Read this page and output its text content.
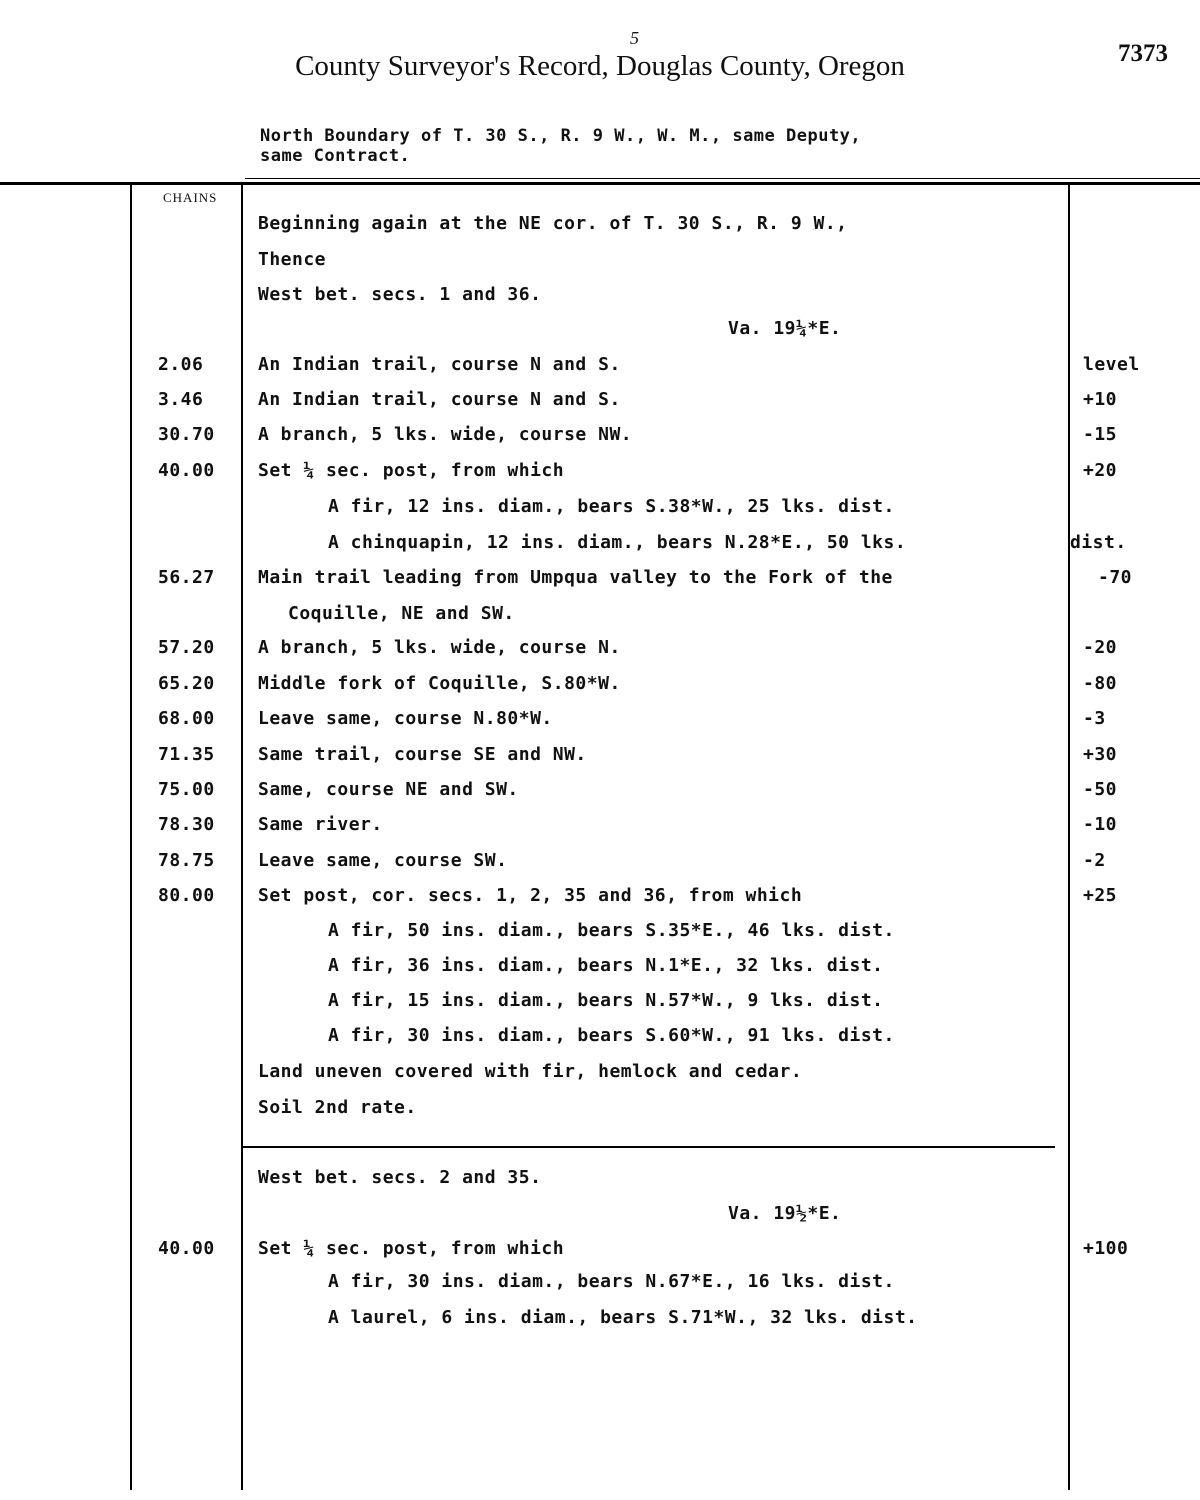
5
County Surveyor's Record, Douglas County, Oregon	7373
North Boundary of T. 30 S., R. 9 W., W. M., same Deputy,
same Contract.
CHAINS
Beginning again at the NE cor. of T. 30 S., R. 9 W.,
Thence
West bet. secs. 1 and 36.
Va. 19¼*E.
2.06	An Indian trail, course N and S.	level
3.46	An Indian trail, course N and S.	+10
30.70 A branch, 5 lks. wide, course NW.	-15
40.00 Set ¼ sec. post, from which	+20
A fir, 12 ins. diam., bears S.38*W., 25 lks. dist.
A chinquapin, 12 ins. diam., bears N.28*E., 50 lks.	dist.
56.27 Main trail leading from Umpqua valley to the Fork of the	-70
Coquille, NE and SW.
57.20 A branch, 5 lks. wide, course N.	-20
65.20 Middle fork of Coquille, S.80*W.	-80
68.00 Leave same, course N.80*W.	-3
71.35 Same trail, course SE and NW.	+30
75.00 Same, course NE and SW.	-50
78.30 Same river.	-10
78.75 Leave same, course SW.	-2
80.00 Set post, cor. secs. 1, 2, 35 and 36, from which	+25
A fir, 50 ins. diam., bears S.35*E., 46 lks. dist.
A fir, 36 ins. diam., bears N.1*E., 32 lks. dist.
A fir, 15 ins. diam., bears N.57*W., 9 lks. dist.
A fir, 30 ins. diam., bears S.60*W., 91 lks. dist.
Land uneven covered with fir, hemlock and cedar.
Soil 2nd rate.
West bet. secs. 2 and 35.
Va. 19½*E.
40.00 Set ¼ sec. post, from which	+100
A fir, 30 ins. diam., bears N.67*E., 16 lks. dist.
A laurel, 6 ins. diam., bears S.71*W., 32 lks. dist.
